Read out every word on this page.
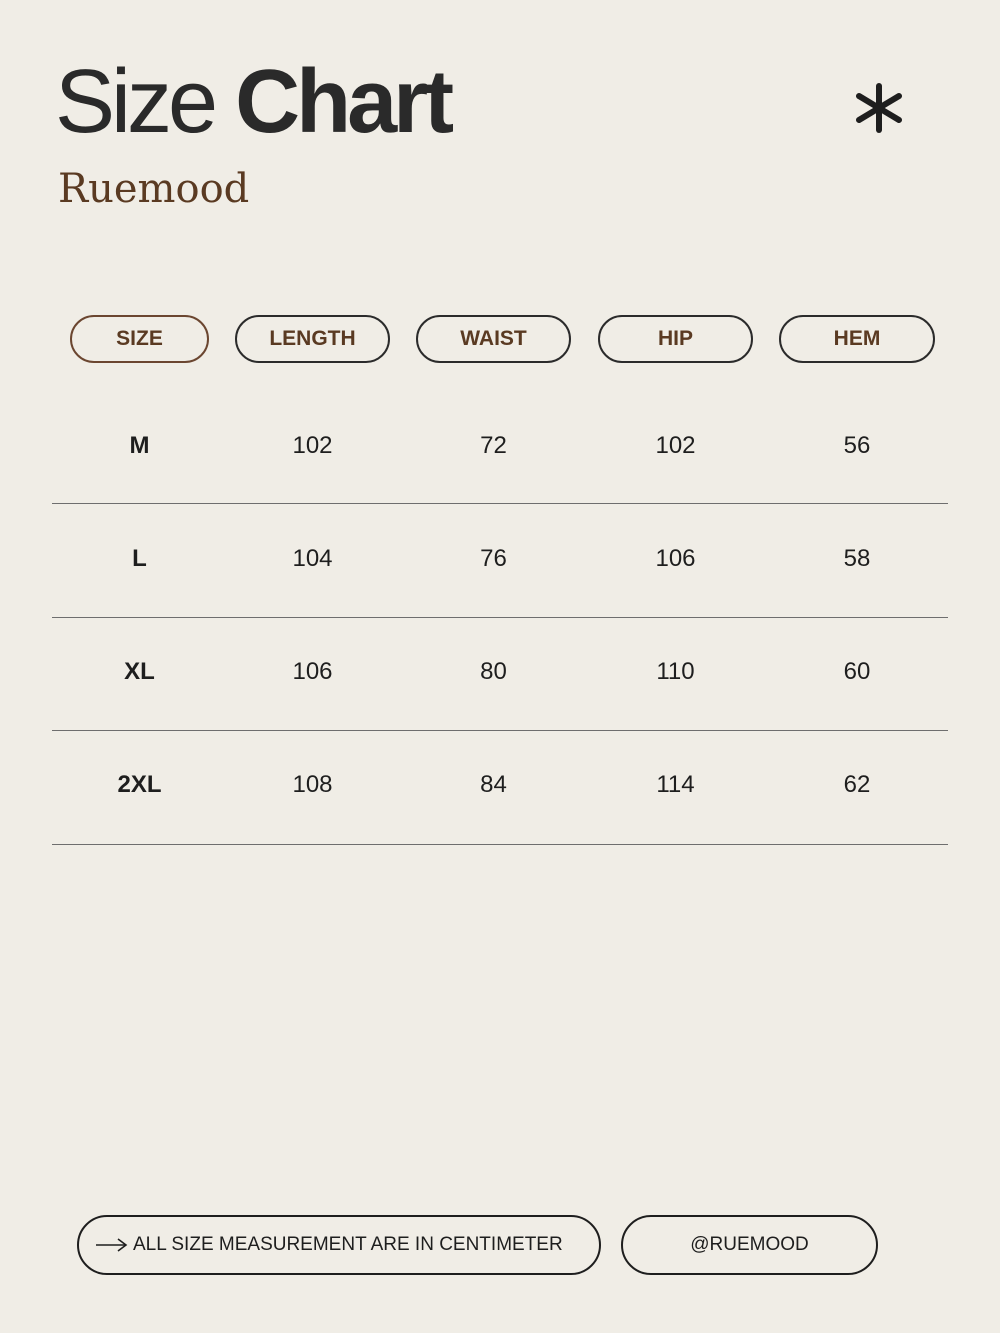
Size Chart
Ruemood
SIZE	LENGTH	WAIST	HIP	HEM
M	102	72	102	56
L	104	76	106	58
XL	106	80	110	60
2XL	108	84	114	62
ALL SIZE MEASUREMENT ARE IN CENTIMETER	@RUEMOOD
